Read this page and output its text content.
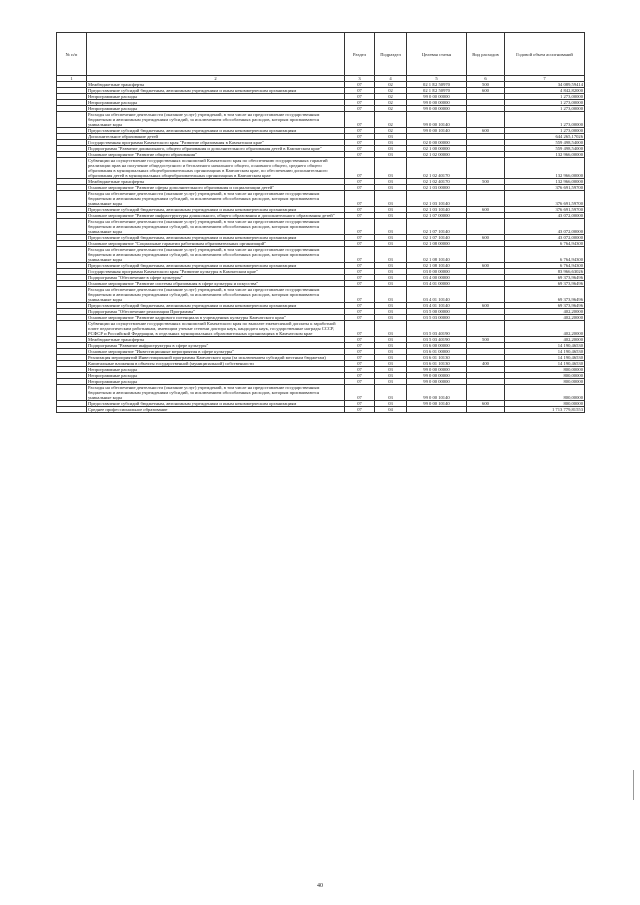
№ п/п		Раздел	Подраздел	Целевая статья	Вид расходов	Годовой объем ассигнований
1	2	3	4	5	6	7
	Межбюджетные трансферты	07	02	02 1 Е2 50970	500	34 089,59414
	Предоставление субсидий бюджетным, автономным учреждениям и иным некоммерческим организациям	07	02	02 1 Е2 50970	600	4 842,82000
	Непрограммные расходы	07	02	99 0 00 00000		1 273,00000
	Непрограммные расходы	07	02	99 0 00 00000		1 273,00000
	Непрограммные расходы	07	02	99 0 00 00000		1 273,00000
	Расходы на обеспечение деятельности (оказание услуг) учреждений, в том числе на предоставление государственным бюджетным и автономным учреждениям субсидий, за исключением обособленных расходов, которым присваиваются уникальные коды	07	02	99 0 00 10140		1 273,00000
	Предоставление субсидий бюджетным, автономным учреждениям и иным некоммерческим организациям	07	02	99 0 00 10140	600	1 273,00000
	Дополнительное образование детей	07	03			644 265,17026
	Государственная программа Камчатского края "Развитие образования в Камчатском крае"	07	03	02 0 00 00000		559 498,54000
	Подпрограмма "Развитие дошкольного, общего образования и дополнительного образования детей в Камчатском крае"	07	03	02 1 00 00000		559 498,54000
	Основное мероприятие "Развитие общего образования"	07	03	02 1 02 00000		132 966,00000
	Субвенции на осуществление государственных полномочий Камчатского края по обеспечению государственных гарантий реализации прав на получение общедоступного и бесплатного начального общего, основного общего, среднего общего образования в муниципальных общеобразовательных организациях в Камчатском крае, по обеспечению дополнительного образования детей в муниципальных общеобразовательных организациях в Камчатском крае	07	03	02 1 02 40170		132 966,00000
	Межбюджетные трансферты	07	03	02 1 02 40170	500	132 966,00000
	Основное мероприятие "Развитие сферы дополнительного образования и социализации детей"	07	03	02 1 03 00000		376 691,59700
	Расходы на обеспечение деятельности (оказание услуг) учреждений, в том числе на предоставление государственным бюджетным и автономным учреждениям субсидий, за исключением обособленных расходов, которым присваиваются уникальные коды	07	03	02 1 03 10140		376 691,59700
	Предоставление субсидий бюджетным, автономным учреждениям и иным некоммерческим организациям	07	03	02 1 03 10140	600	376 691,59700
	Основное мероприятие "Развитие инфраструктуры дошкольного, общего образования и дополнительного образования детей"	07	03	02 1 07 00000		43 072,00000
	Расходы на обеспечение деятельности (оказание услуг) учреждений, в том числе на предоставление государственным бюджетным и автономным учреждениям субсидий, за исключением обособленных расходов, которым присваиваются уникальные коды	07	03	02 1 07 10140		43 072,00000
	Предоставление субсидий бюджетным, автономным учреждениям и иным некоммерческим организациям	07	03	02 1 07 10140	600	43 072,00000
	Основное мероприятие "Социальные гарантии работникам образовательных организаций"	07	03	02 1 08 00000		6 764,94300
	Расходы на обеспечение деятельности (оказание услуг) учреждений, в том числе на предоставление государственным бюджетным и автономным учреждениям субсидий, за исключением обособленных расходов, которым присваиваются уникальные коды	07	03	02 1 08 10140		6 764,94300
	Предоставление субсидий бюджетным, автономным учреждениям и иным некоммерческим организациям	07	03	02 1 08 10140	600	6 764,94300
	Государственная программа Камчатского края "Развитие культуры в Камчатском крае"	07	03	03 0 00 00000		83 966,63026
	Подпрограмма "Обеспечение в сфере культуры"	07	03	03 4 00 00000		69 373,96496
	Основное мероприятие "Развитие системы образования в сфере культуры и искусства"	07	03	03 4 01 00000		69 373,96496
	Расходы на обеспечение деятельности (оказание услуг) учреждений, в том числе на предоставление государственным бюджетным и автономным учреждениям субсидий, за исключением обособленных расходов, которым присваиваются уникальные коды	07	03	03 4 01 10140		69 373,96496
	Предоставление субсидий бюджетным, автономным учреждениям и иным некоммерческим организациям	07	03	03 4 01 10140	600	69 373,96496
	Подпрограмма "Обеспечение реализации Программы"	07	03	03 5 00 00000		402,20000
	Основное мероприятие "Развитие кадрового потенциала в учреждениях культуры Камчатского края"	07	03	03 5 03 00000		402,20000
	Субвенции на осуществление государственных полномочий Камчатского края по выплате ежемесячной доплаты к заработной плате педагогическим работникам, имеющим ученые степени доктора наук, кандидата наук, государственные награды СССР, РСФСР и Российской Федерации, в отдельных муниципальных образовательных организациях в Камчатском крае	07	03	03 5 03 40190		402,20000
	Межбюджетные трансферты	07	03	03 5 03 40190	500	402,20000
	Подпрограмма "Развитие инфраструктуры в сфере культуры"	07	03	03 6 00 00000		14 190,46530
	Основное мероприятие "Инвестиционные мероприятия в сфере культуры"	07	03	03 6 01 00000		14 190,46530
	Реализация мероприятий Инвестиционной программы Камчатского края (за исключением субсидий местным бюджетам)	07	03	03 6 01 10130		14 190,46530
	Капитальные вложения в объекты государственной (муниципальной) собственности	07	03	03 6 01 10130	400	14 190,46530
	Непрограммные расходы	07	03	99 0 00 00000		800,00000
	Непрограммные расходы	07	03	99 0 00 00000		800,00000
	Непрограммные расходы	07	03	99 0 00 00000		800,00000
	Расходы на обеспечение деятельности (оказание услуг) учреждений, в том числе на предоставление государственным бюджетным и автономным учреждениям субсидий, за исключением обособленных расходов, которым присваиваются уникальные коды	07	03	99 0 00 10140		800,00000
	Предоставление субсидий бюджетным, автономным учреждениям и иным некоммерческим организациям	07	03	99 0 00 10140	600	800,00000
	Среднее профессиональное образование	07	04			1 713 779,81553
40
